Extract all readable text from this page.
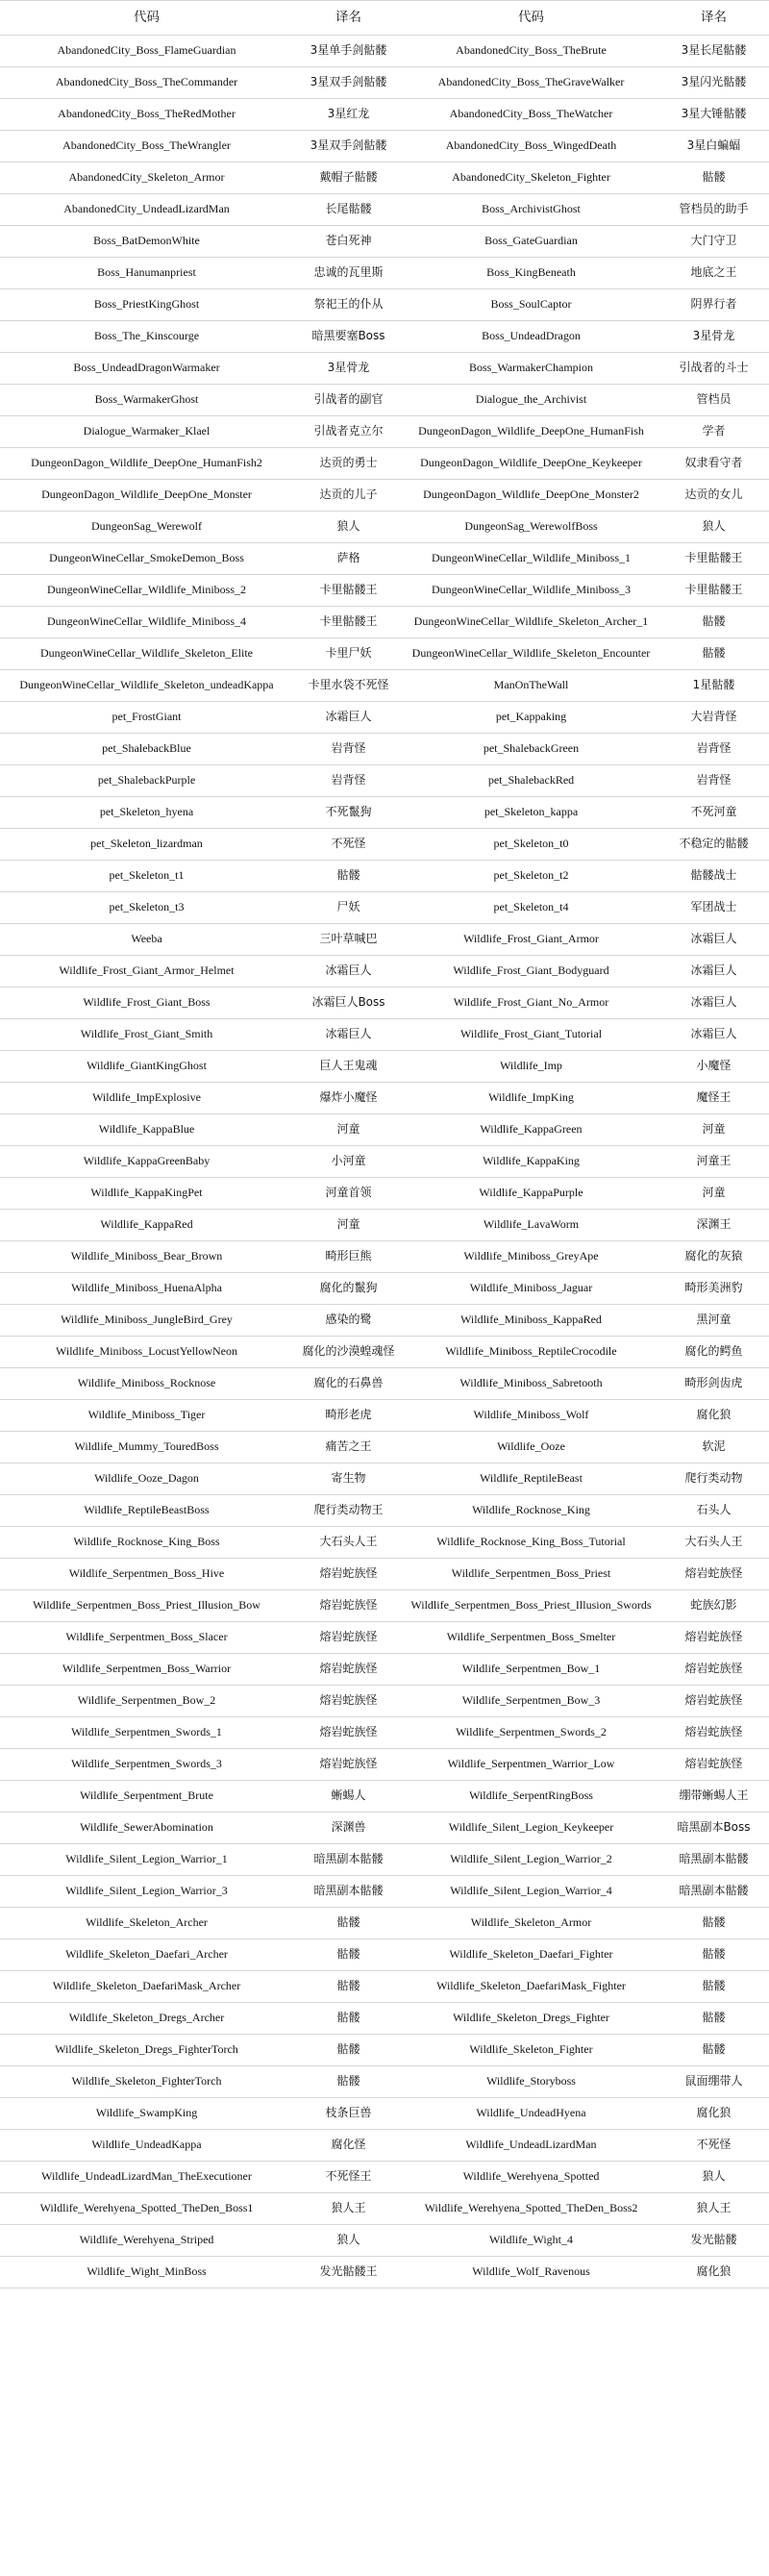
代码	译名	代码	译名
AbandonedCity_Boss_FlameGuardian	3星单手剑骷髅	AbandonedCity_Boss_TheBrute	3星长尾骷髅
AbandonedCity_Boss_TheCommander	3星双手剑骷髅	AbandonedCity_Boss_TheGraveWalker	3星闪光骷髅
AbandonedCity_Boss_TheRedMother	3星红龙	AbandonedCity_Boss_TheWatcher	3星大锤骷髅
AbandonedCity_Boss_TheWrangler	3星双手剑骷髅	AbandonedCity_Boss_WingedDeath	3星白蝙蝠
AbandonedCity_Skeleton_Armor	戴帽子骷髅	AbandonedCity_Skeleton_Fighter	骷髅
AbandonedCity_UndeadLizardMan	长尾骷髅	Boss_ArchivistGhost	管档员的助手
Boss_BatDemonWhite	苍白死神	Boss_GateGuardian	大门守卫
Boss_Hanumanpriest	忠诚的瓦里斯	Boss_KingBeneath	地底之王
Boss_PriestKingGhost	祭祀王的仆从	Boss_SoulCaptor	阴界行者
Boss_The_Kinscourge	暗黑要塞Boss	Boss_UndeadDragon	3星骨龙
Boss_UndeadDragonWarmaker	3星骨龙	Boss_WarmakerChampion	引战者的斗士
Boss_WarmakerGhost	引战者的副官	Dialogue_the_Archivist	管档员
Dialogue_Warmaker_Klael	引战者克立尔	DungeonDagon_Wildlife_DeepOne_HumanFish	学者
DungeonDagon_Wildlife_DeepOne_HumanFish2	达贡的勇士	DungeonDagon_Wildlife_DeepOne_Keykeeper	奴隶看守者
DungeonDagon_Wildlife_DeepOne_Monster	达贡的儿子	DungeonDagon_Wildlife_DeepOne_Monster2	达贡的女儿
DungeonSag_Werewolf	狼人	DungeonSag_WerewolfBoss	狼人
DungeonWineCellar_SmokeDemon_Boss	萨格	DungeonWineCellar_Wildlife_Miniboss_1	卡里骷髅王
DungeonWineCellar_Wildlife_Miniboss_2	卡里骷髅王	DungeonWineCellar_Wildlife_Miniboss_3	卡里骷髅王
DungeonWineCellar_Wildlife_Miniboss_4	卡里骷髅王	DungeonWineCellar_Wildlife_Skeleton_Archer_1	骷髅
DungeonWineCellar_Wildlife_Skeleton_Elite	卡里尸妖	DungeonWineCellar_Wildlife_Skeleton_Encounter	骷髅
DungeonWineCellar_Wildlife_Skeleton_undeadKappa	卡里水袋不死怪	ManOnTheWall	1星骷髅
pet_FrostGiant	冰霜巨人	pet_Kappaking	大岩背怪
pet_ShalebackBlue	岩背怪	pet_ShalebackGreen	岩背怪
pet_ShalebackPurple	岩背怪	pet_ShalebackRed	岩背怪
pet_Skeleton_hyena	不死鬣狗	pet_Skeleton_kappa	不死河童
pet_Skeleton_lizardman	不死怪	pet_Skeleton_t0	不稳定的骷髅
pet_Skeleton_t1	骷髅	pet_Skeleton_t2	骷髅战士
pet_Skeleton_t3	尸妖	pet_Skeleton_t4	军团战士
Weeba	三叶草喊巴	Wildlife_Frost_Giant_Armor	冰霜巨人
Wildlife_Frost_Giant_Armor_Helmet	冰霜巨人	Wildlife_Frost_Giant_Bodyguard	冰霜巨人
Wildlife_Frost_Giant_Boss	冰霜巨人Boss	Wildlife_Frost_Giant_No_Armor	冰霜巨人
Wildlife_Frost_Giant_Smith	冰霜巨人	Wildlife_Frost_Giant_Tutorial	冰霜巨人
Wildlife_GiantKingGhost	巨人王鬼魂	Wildlife_Imp	小魔怪
Wildlife_ImpExplosive	爆炸小魔怪	Wildlife_ImpKing	魔怪王
Wildlife_KappaBlue	河童	Wildlife_KappaGreen	河童
Wildlife_KappaGreenBaby	小河童	Wildlife_KappaKing	河童王
Wildlife_KappaKingPet	河童首领	Wildlife_KappaPurple	河童
Wildlife_KappaRed	河童	Wildlife_LavaWorm	深渊王
Wildlife_Miniboss_Bear_Brown	畸形巨熊	Wildlife_Miniboss_GreyApe	腐化的灰猿
Wildlife_Miniboss_HuenaAlpha	腐化的鬣狗	Wildlife_Miniboss_Jaguar	畸形美洲豹
Wildlife_Miniboss_JungleBird_Grey	感染的鹭	Wildlife_Miniboss_KappaRed	黑河童
Wildlife_Miniboss_LocustYellowNeon	腐化的沙漠蝗魂怪	Wildlife_Miniboss_ReptileCrocodile	腐化的鳄鱼
Wildlife_Miniboss_Rocknose	腐化的石鼻兽	Wildlife_Miniboss_Sabretooth	畸形剑齿虎
Wildlife_Miniboss_Tiger	畸形老虎	Wildlife_Miniboss_Wolf	腐化狼
Wildlife_Mummy_TouredBoss	痛苦之王	Wildlife_Ooze	软泥
Wildlife_Ooze_Dagon	寄生物	Wildlife_ReptileBeast	爬行类动物
Wildlife_ReptileBeastBoss	爬行类动物王	Wildlife_Rocknose_King	石头人
Wildlife_Rocknose_King_Boss	大石头人王	Wildlife_Rocknose_King_Boss_Tutorial	大石头人王
Wildlife_Serpentmen_Boss_Hive	熔岩蛇族怪	Wildlife_Serpentmen_Boss_Priest	熔岩蛇族怪
Wildlife_Serpentmen_Boss_Priest_Illusion_Bow	熔岩蛇族怪	Wildlife_Serpentmen_Boss_Priest_Illusion_Swords	蛇族幻影
Wildlife_Serpentmen_Boss_Slacer	熔岩蛇族怪	Wildlife_Serpentmen_Boss_Smelter	熔岩蛇族怪
Wildlife_Serpentmen_Boss_Warrior	熔岩蛇族怪	Wildlife_Serpentmen_Bow_1	熔岩蛇族怪
Wildlife_Serpentmen_Bow_2	熔岩蛇族怪	Wildlife_Serpentmen_Bow_3	熔岩蛇族怪
Wildlife_Serpentmen_Swords_1	熔岩蛇族怪	Wildlife_Serpentmen_Swords_2	熔岩蛇族怪
Wildlife_Serpentmen_Swords_3	熔岩蛇族怪	Wildlife_Serpentmen_Warrior_Low	熔岩蛇族怪
Wildlife_Serpentment_Brute	蜥蜴人	Wildlife_SerpentRingBoss	绷带蜥蜴人王
Wildlife_SewerAbomination	深渊兽	Wildlife_Silent_Legion_Keykeeper	暗黑副本Boss
Wildlife_Silent_Legion_Warrior_1	暗黑副本骷髅	Wildlife_Silent_Legion_Warrior_2	暗黑副本骷髅
Wildlife_Silent_Legion_Warrior_3	暗黑副本骷髅	Wildlife_Silent_Legion_Warrior_4	暗黑副本骷髅
Wildlife_Skeleton_Archer	骷髅	Wildlife_Skeleton_Armor	骷髅
Wildlife_Skeleton_Daefari_Archer	骷髅	Wildlife_Skeleton_Daefari_Fighter	骷髅
Wildlife_Skeleton_DaefariMask_Archer	骷髅	Wildlife_Skeleton_DaefariMask_Fighter	骷髅
Wildlife_Skeleton_Dregs_Archer	骷髅	Wildlife_Skeleton_Dregs_Fighter	骷髅
Wildlife_Skeleton_Dregs_FighterTorch	骷髅	Wildlife_Skeleton_Fighter	骷髅
Wildlife_Skeleton_FighterTorch	骷髅	Wildlife_Storyboss	鼠面绷带人
Wildlife_SwampKing	枝条巨兽	Wildlife_UndeadHyena	腐化狼
Wildlife_UndeadKappa	腐化怪	Wildlife_UndeadLizardMan	不死怪
Wildlife_UndeadLizardMan_TheExecutioner	不死怪王	Wildlife_Werehyena_Spotted	狼人
Wildlife_Werehyena_Spotted_TheDen_Boss1	狼人王	Wildlife_Werehyena_Spotted_TheDen_Boss2	狼人王
Wildlife_Werehyena_Striped	狼人	Wildlife_Wight_4	发光骷髅
Wildlife_Wight_MinBoss	发光骷髅王	Wildlife_Wolf_Ravenous	腐化狼
